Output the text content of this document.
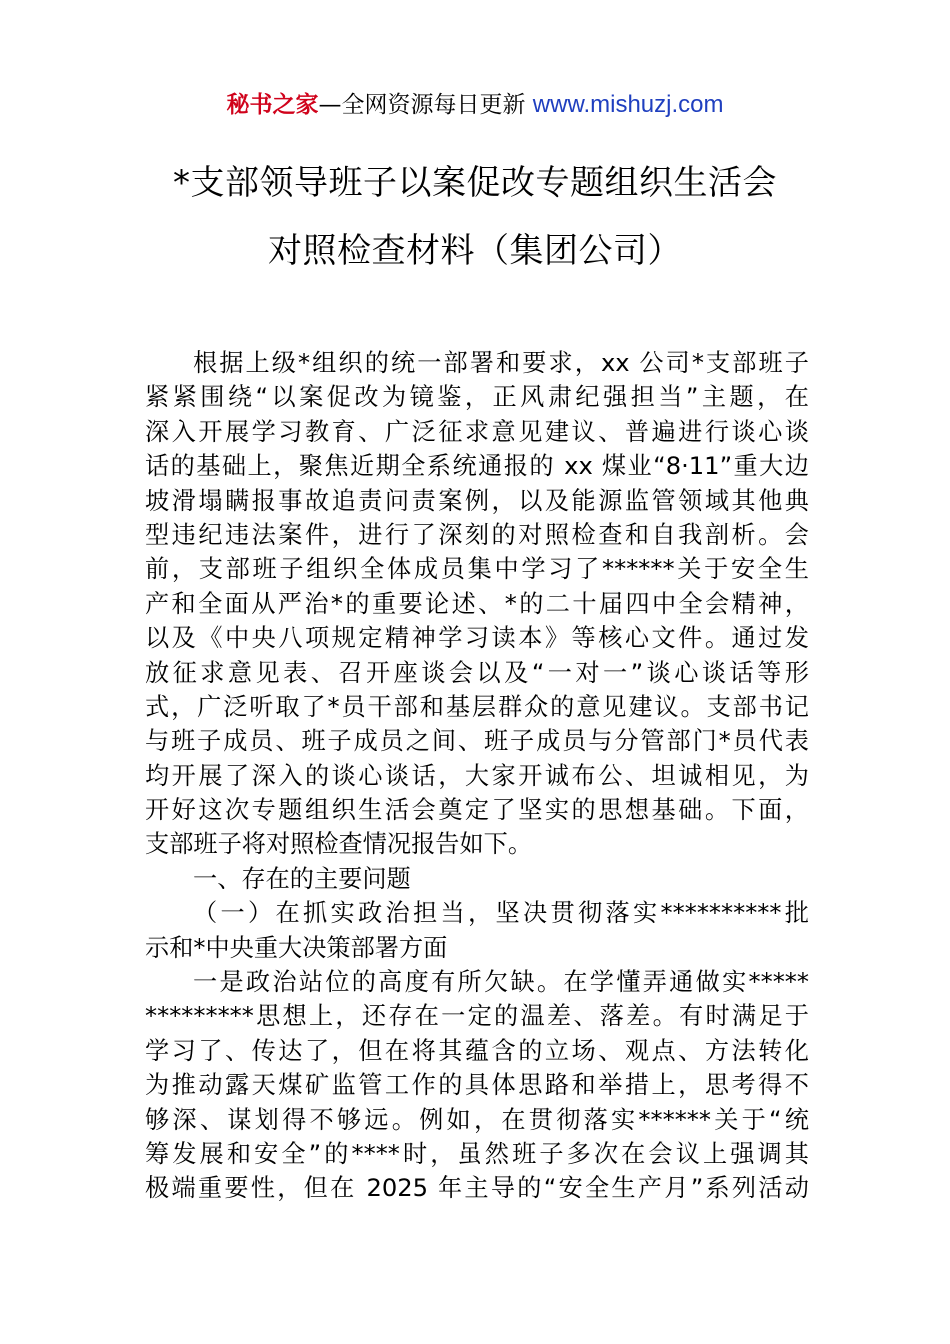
秘书之家—全网资源每日更新 www.mishuzj.com
*支部领导班子以案促改专题组织生活会
对照检查材料（集团公司）
根据上级*组织的统一部署和要求，xx 公司*支部班子
紧紧围绕“以案促改为镜鉴，正风肃纪强担当”主题，在
深入开展学习教育、广泛征求意见建议、普遍进行谈心谈
话的基础上，聚焦近期全系统通报的 xx 煤业“8·11”重大边
坡滑塌瞒报事故追责问责案例，以及能源监管领域其他典
型违纪违法案件，进行了深刻的对照检查和自我剖析。会
前，支部班子组织全体成员集中学习了******关于安全生
产和全面从严治*的重要论述、*的二十届四中全会精神，
以及《中央八项规定精神学习读本》等核心文件。通过发
放征求意见表、召开座谈会以及“一对一”谈心谈话等形
式，广泛听取了*员干部和基层群众的意见建议。支部书记
与班子成员、班子成员之间、班子成员与分管部门*员代表
均开展了深入的谈心谈话，大家开诚布公、坦诚相见，为
开好这次专题组织生活会奠定了坚实的思想基础。下面，
支部班子将对照检查情况报告如下。
一、存在的主要问题
（一）在抓实政治担当，坚决贯彻落实**********批
示和*中央重大决策部署方面
一是政治站位的高度有所欠缺。在学懂弄通做实*****
*********思想上，还存在一定的温差、落差。有时满足于
学习了、传达了，但在将其蕴含的立场、观点、方法转化
为推动露天煤矿监管工作的具体思路和举措上，思考得不
够深、谋划得不够远。例如，在贯彻落实******关于“统
筹发展和安全”的****时，虽然班子多次在会议上强调其
极端重要性，但在 2025 年主导的“安全生产月”系列活动
